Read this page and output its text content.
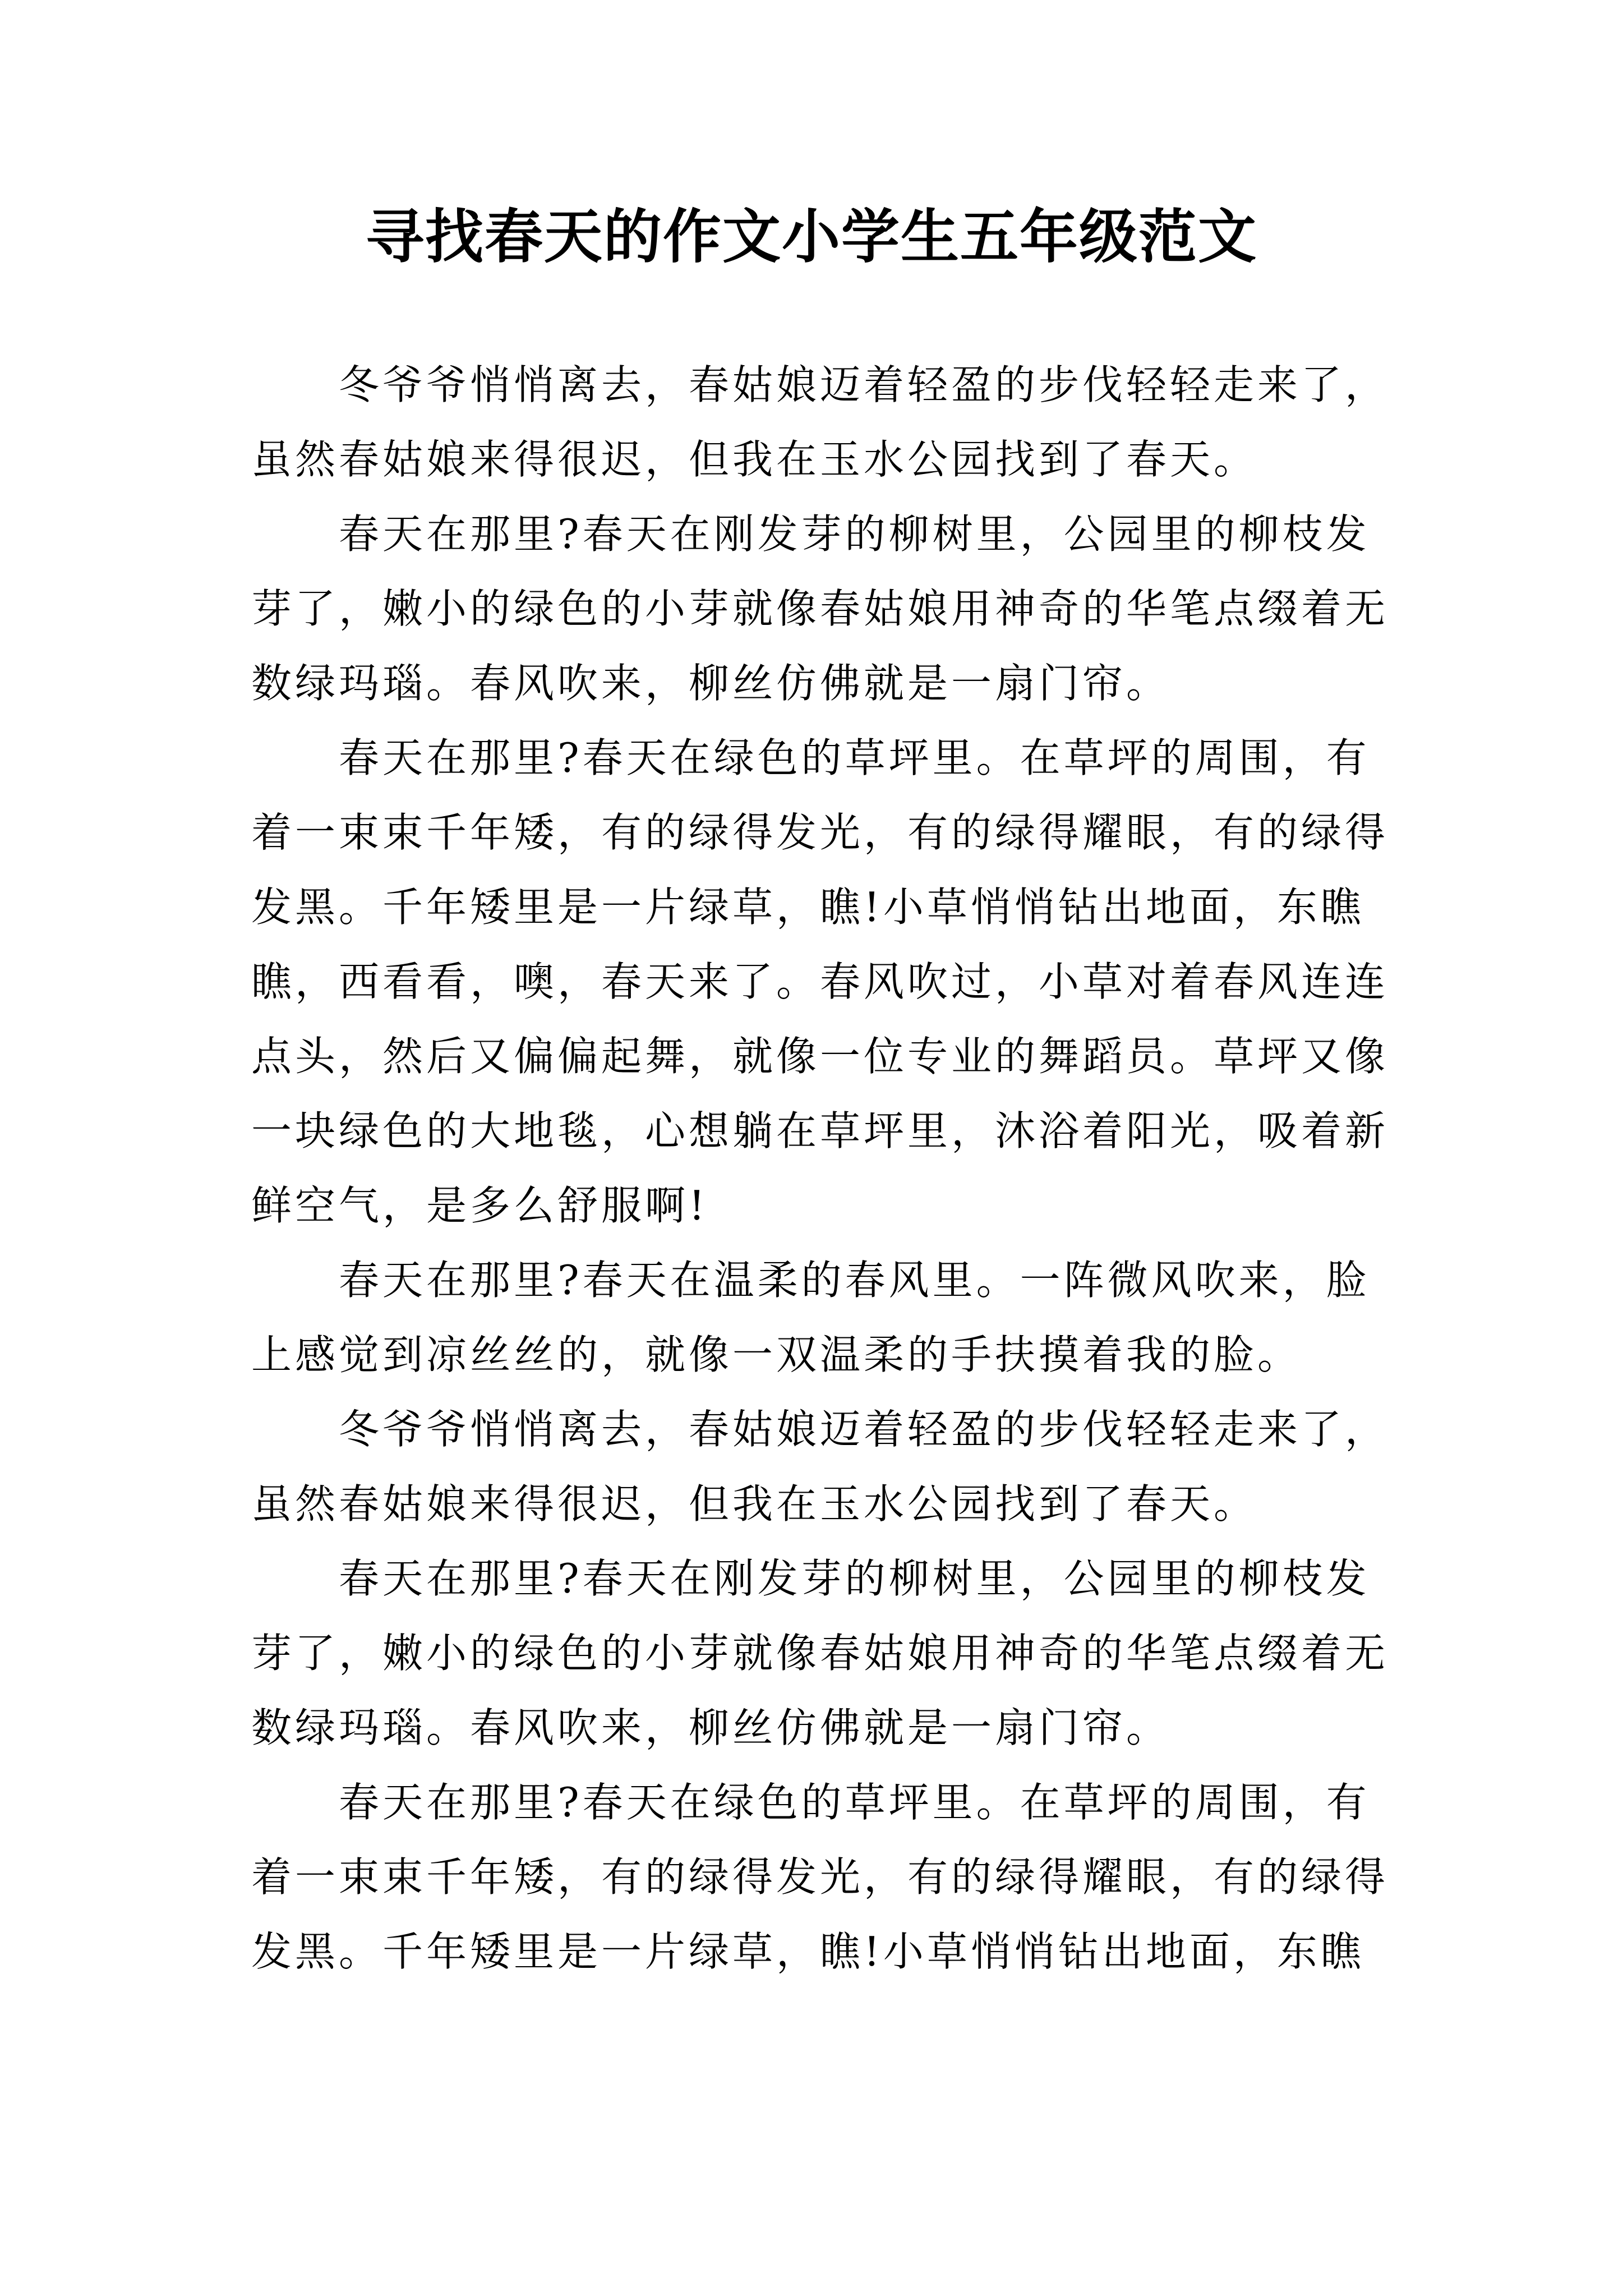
寻找春天的作文小学生五年级范文

冬爷爷悄悄离去，春姑娘迈着轻盈的步伐轻轻走来了，虽然春姑娘来得很迟，但我在玉水公园找到了春天。

春天在那里?春天在刚发芽的柳树里，公园里的柳枝发芽了，嫩小的绿色的小芽就像春姑娘用神奇的华笔点缀着无数绿玛瑙。春风吹来，柳丝仿佛就是一扇门帘。

春天在那里?春天在绿色的草坪里。在草坪的周围，有着一束束千年矮，有的绿得发光，有的绿得耀眼，有的绿得发黑。千年矮里是一片绿草，瞧!小草悄悄钻出地面，东瞧瞧，西看看，噢，春天来了。春风吹过，小草对着春风连连点头，然后又偏偏起舞，就像一位专业的舞蹈员。草坪又像一块绿色的大地毯，心想躺在草坪里，沐浴着阳光，吸着新鲜空气，是多么舒服啊!

春天在那里?春天在温柔的春风里。一阵微风吹来，脸上感觉到凉丝丝的，就像一双温柔的手扶摸着我的脸。

冬爷爷悄悄离去，春姑娘迈着轻盈的步伐轻轻走来了，虽然春姑娘来得很迟，但我在玉水公园找到了春天。

春天在那里?春天在刚发芽的柳树里，公园里的柳枝发芽了，嫩小的绿色的小芽就像春姑娘用神奇的华笔点缀着无数绿玛瑙。春风吹来，柳丝仿佛就是一扇门帘。

春天在那里?春天在绿色的草坪里。在草坪的周围，有着一束束千年矮，有的绿得发光，有的绿得耀眼，有的绿得发黑。千年矮里是一片绿草，瞧!小草悄悄钻出地面，东瞧
